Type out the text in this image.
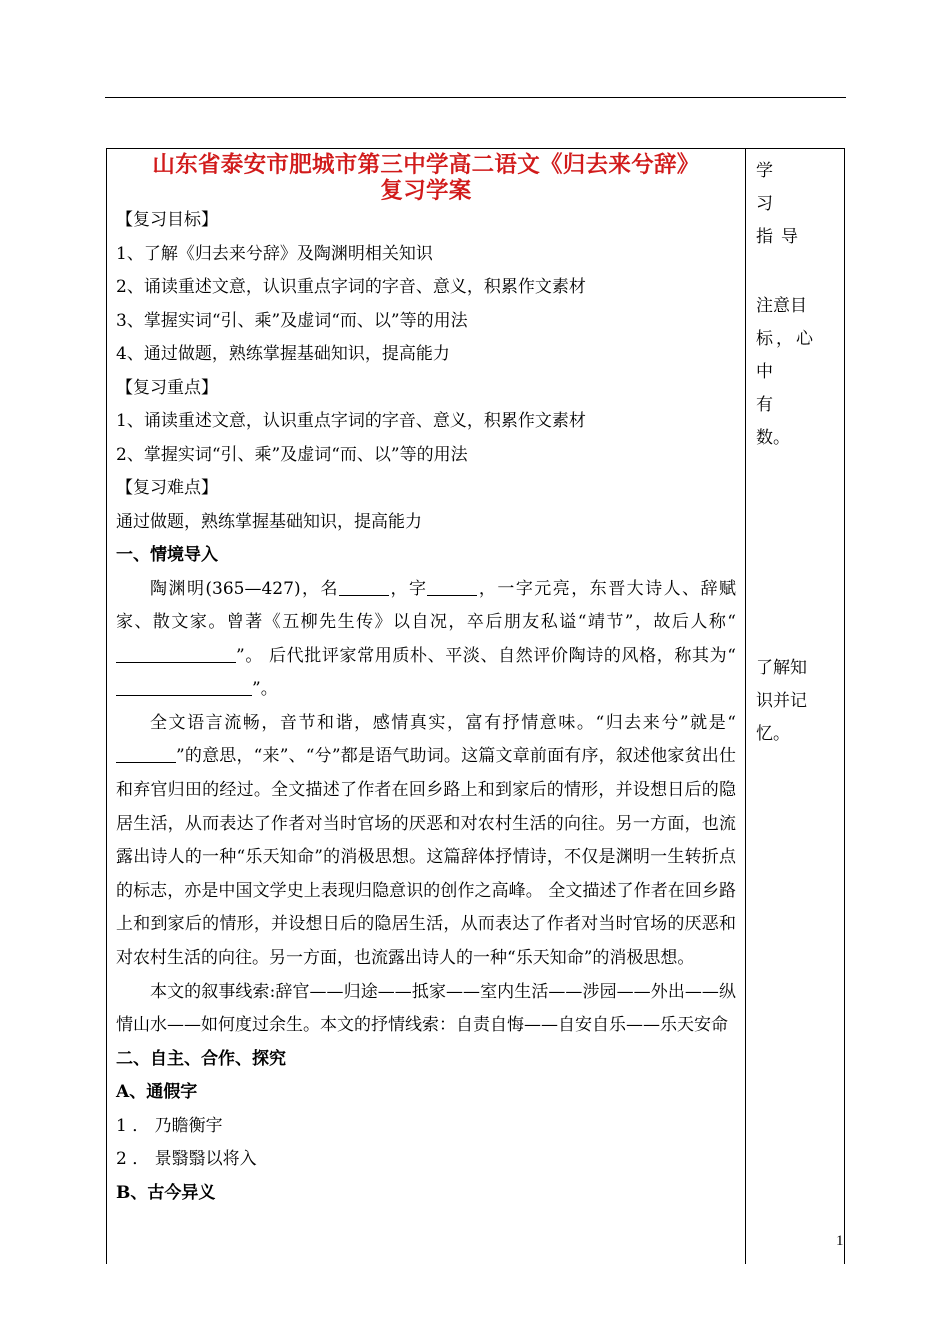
山东省泰安市肥城市第三中学高二语文《归去来兮辞》
复习学案
【复习目标】
1、了解《归去来兮辞》及陶渊明相关知识
2、诵读重述文意，认识重点字词的字音、意义，积累作文素材
3、掌握实词“引、乘”及虚词“而、以”等的用法
4、通过做题，熟练掌握基础知识，提高能力
【复习重点】
1、诵读重述文意，认识重点字词的字音、意义，积累作文素材
2、掌握实词“引、乘”及虚词“而、以”等的用法
【复习难点】
通过做题，熟练掌握基础知识，提高能力
一、情境导入
陶渊明(365—427)，名	，字	，一字元亮，东晋大诗人、辞赋家、散文家。曾著《五柳先生传》以自况，卒后朋友私谥“靖节”，故后人称“”。 后代批评家常用质朴、平淡、自然评价陶诗的风格，称其为“”。
全文语言流畅，音节和谐，感情真实，富有抒情意味。“归去来兮”就是“”的意思，“来”、“兮”都是语气助词。这篇文章前面有序，叙述他家贫出仕和弃官归田的经过。全文描述了作者在回乡路上和到家后的情形，并设想日后的隐居生活，从而表达了作者对当时官场的厌恶和对农村生活的向往。另一方面，也流露出诗人的一种“乐天知命”的消极思想。这篇辞体抒情诗，不仅是渊明一生转折点的标志，亦是中国文学史上表现归隐意识的创作之高峰。 全文描述了作者在回乡路上和到家后的情形，并设想日后的隐居生活，从而表达了作者对当时官场的厌恶和对农村生活的向往。另一方面，也流露出诗人的一种“乐天知命”的消极思想。
本文的叙事线索:辞官——归途——抵家——室内生活——涉园——外出——纵情山水——如何度过余生。本文的抒情线索：自责自悔——自安自乐——乐天安命
二、自主、合作、探究
A、通假字
1 ． 乃瞻衡宇
2 ． 景翳翳以将入
B、古今异义
学习
指导
注意目
标，心
中有
数。
了解知
识并记
忆。
1
